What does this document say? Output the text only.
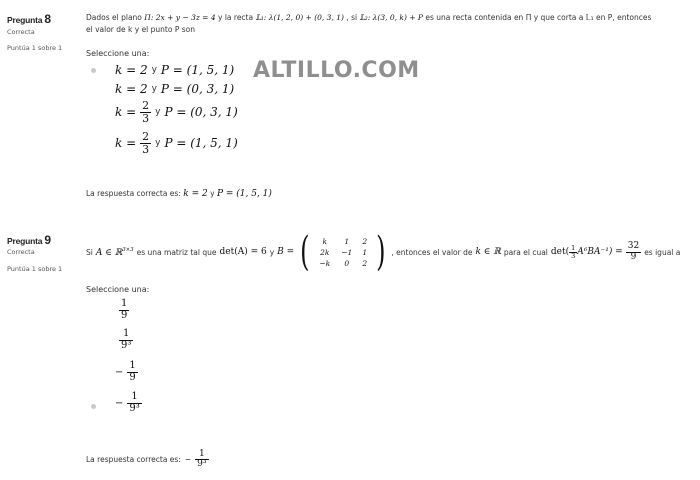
Pregunta 8
Correcta
Puntúa 1 sobre 1
Dados el plano Π: 2x + y − 3z = 4 y la recta 𝕃₁: λ(1, 2, 0) + (0, 3, 1) , si 𝕃₂: λ(3, 0, k) + P es una recta contenida en Π y que corta a 𝕃₁ en P, entonces
el valor de k y el punto P son
Seleccione una:
k = 2 y P = (1, 5, 1)
k = 2 y P = (0, 3, 1)
$k = \frac{2}{3}$ y P = (0, 3, 1)
$k = \frac{2}{3}$ y P = (1, 5, 1)
ALTILLO.COM
La respuesta correcta es: k = 2 y P = (1, 5, 1)
Pregunta 9
Correcta
Puntúa 1 sobre 1
Si A ∈ ℝ$^{3\times 3}$ es una matriz tal que det(A) = 6 y B = (	k	1	2
2k	−1	1
−k	0	2 ) , entonces el valor de k ∈ ℝ para el cual $\det( \frac{1}{3} A^6BA^{-1}) = \frac{32}{9}$ es igual a
Seleccione una:
$\frac{1}{9}$
$\frac{1}{\text{9³}}$
− $\frac{1}{9}$
− $\frac{1}{\text{9³}}$
La respuesta correcta es: − $\frac{1}{\text{9³}}$
